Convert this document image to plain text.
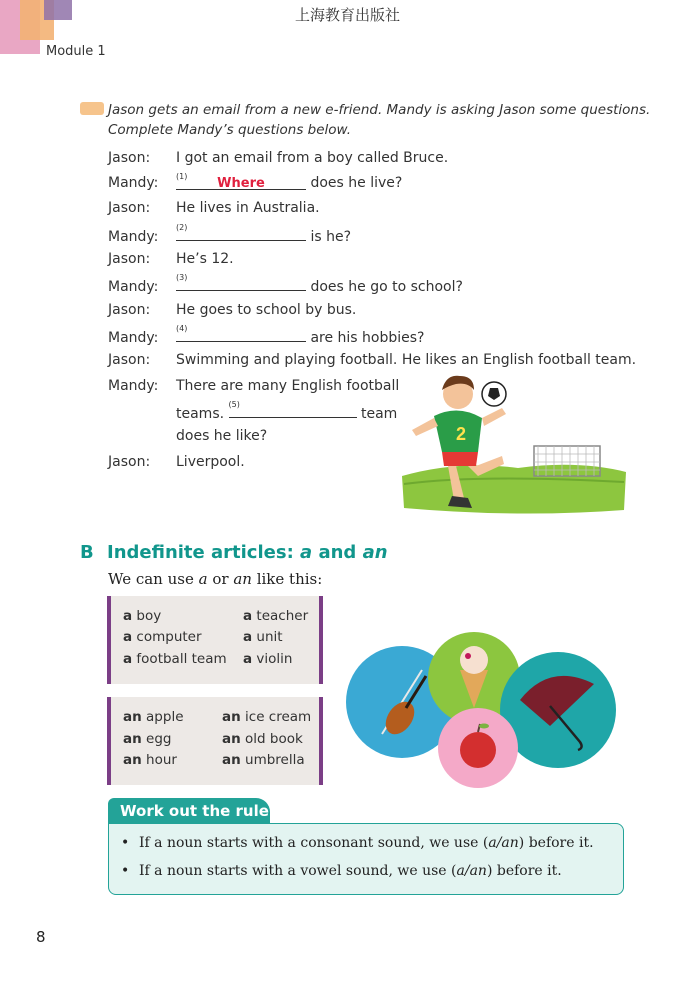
上海教育出版社
Module 1
Jason gets an email from a new e-friend. Mandy is asking Jason some questions.
Complete Mandy’s questions below.
Jason: I got an email from a boy called Bruce.
Mandy: (1) Where	does he live?
Jason: He lives in Australia.
Mandy:
(2)
is he?
Jason: He’s 12.
Mandy:
(3)
does he go to school?
Jason: He goes to school by bus.
Mandy:
(4)
are his hobbies?
Jason: Swimming and playing football. He likes an English football team.
Mandy: There are many English football
teams.
(5)
team
does he like?
Jason: Liverpool.
2
B Indefinite articles: a and an
We can use a or an like this:
a boy
a computer
a football team
a teacher
a unit
a violin
an apple
an egg
an hour
an ice cream
an old book
an umbrella
Work out the rule
• If a noun starts with a consonant sound, we use (a/an) before it.
• If a noun starts with a vowel sound, we use (a/an) before it.
8
